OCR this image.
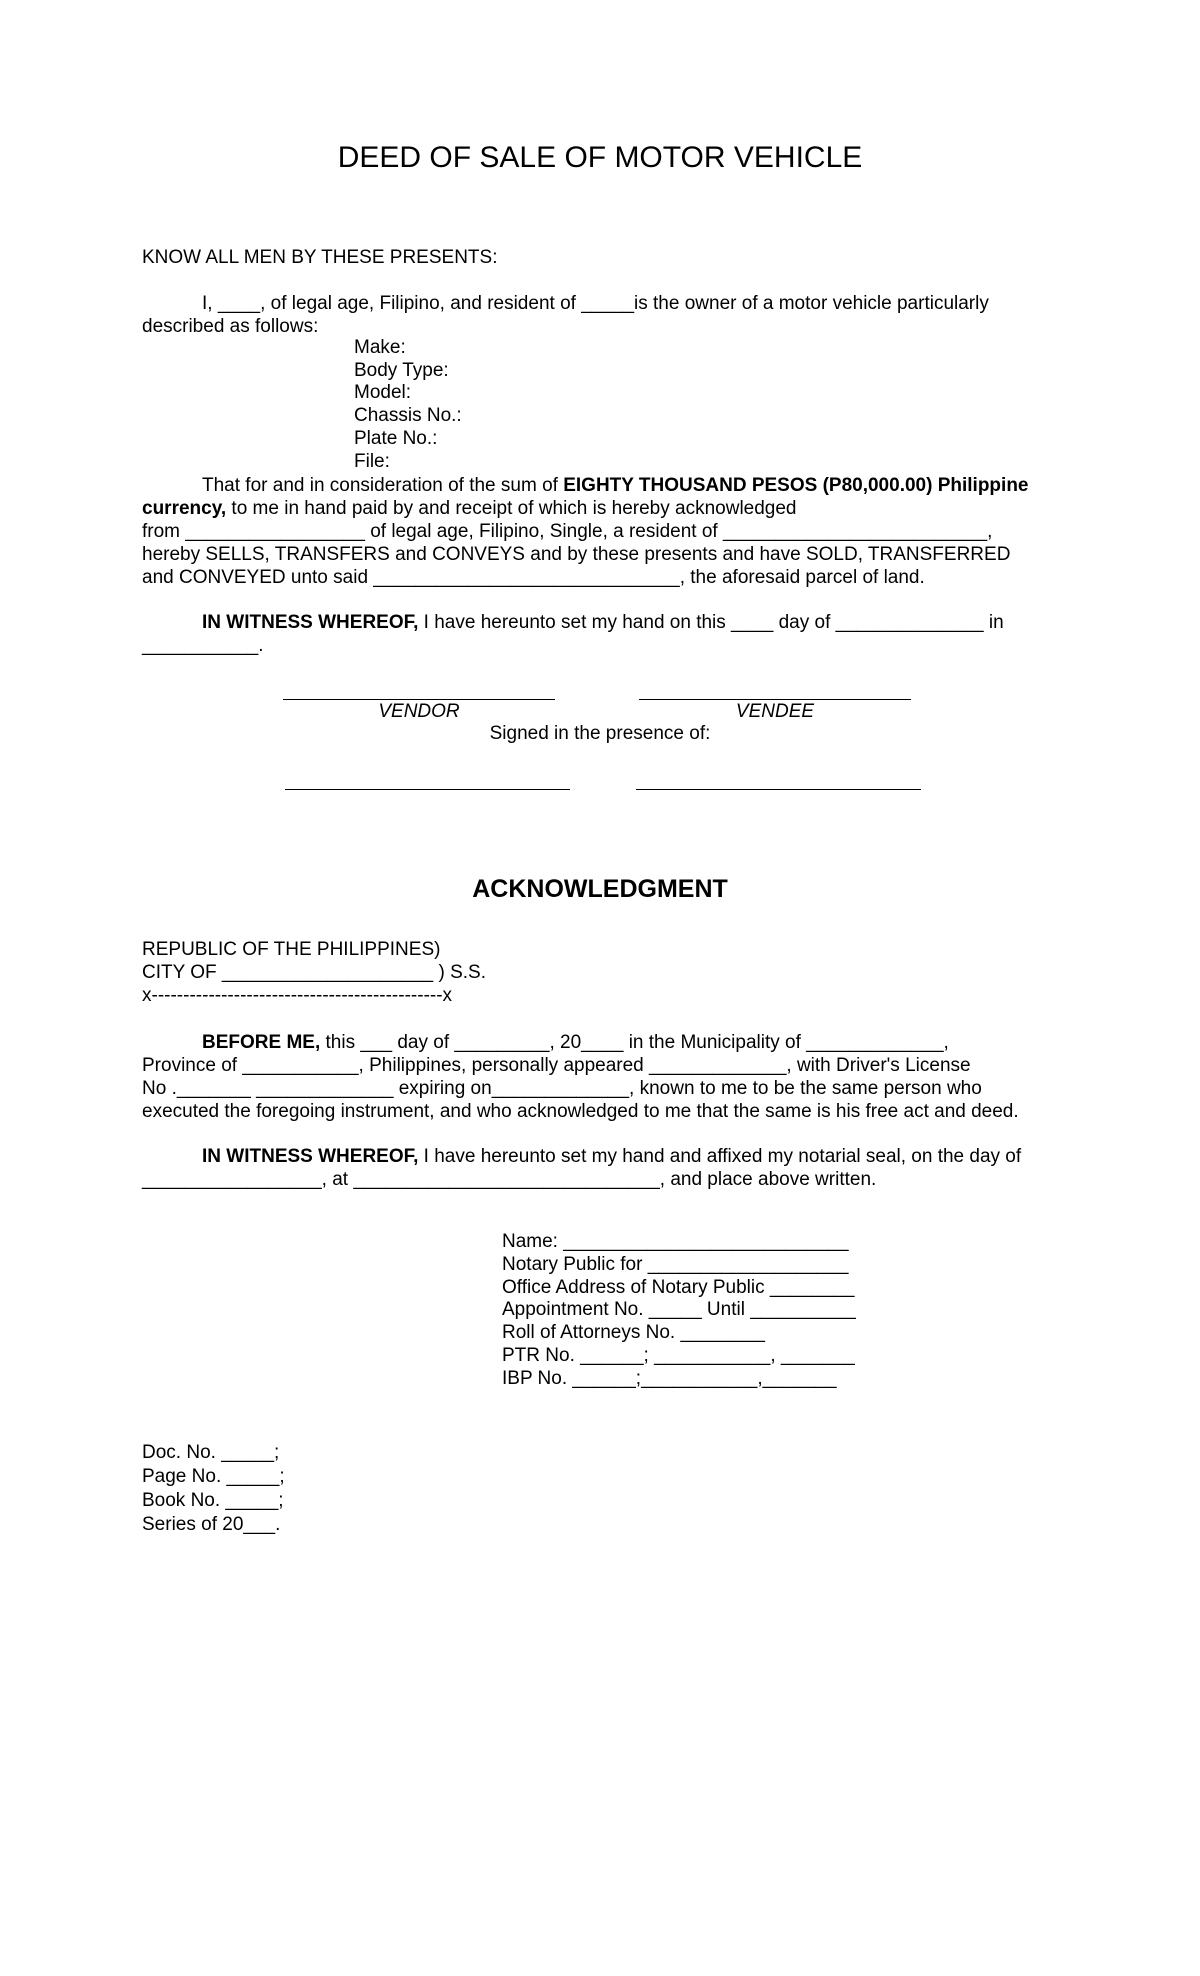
DEED OF SALE OF MOTOR VEHICLE
KNOW ALL MEN BY THESE PRESENTS:
I, ____, of legal age, Filipino, and resident of _____is the owner of a motor vehicle particularly
described as follows:
Make:
Body Type:
Model:
Chassis No.:
Plate No.:
File:
That for and in consideration of the sum of EIGHTY THOUSAND PESOS (P80,000.00) Philippine
currency, to me in hand paid by and receipt of which is hereby acknowledged
from _________________ of legal age, Filipino, Single, a resident of _________________________,
hereby SELLS, TRANSFERS and CONVEYS and by these presents and have SOLD, TRANSFERRED
and CONVEYED unto said _____________________________, the aforesaid parcel of land.
IN WITNESS WHEREOF, I have hereunto set my hand on this ____ day of ______________ in
___________.
VENDOR	VENDEE
Signed in the presence of:
ACKNOWLEDGMENT
REPUBLIC OF THE PHILIPPINES)
CITY OF ____________________ ) S.S.
x----------------------------------------------x
BEFORE ME, this ___ day of _________, 20____ in the Municipality of _____________,
Province of ___________, Philippines, personally appeared _____________, with Driver's License
No ._______ _____________ expiring on_____________, known to me to be the same person who
executed the foregoing instrument, and who acknowledged to me that the same is his free act and deed.
IN WITNESS WHEREOF, I have hereunto set my hand and affixed my notarial seal, on the day of
_________________, at _____________________________, and place above written.
Name: ___________________________
Notary Public for ___________________
Office Address of Notary Public ________
Appointment No. _____ Until __________
Roll of Attorneys No. ________
PTR No. ______; ___________, _______
IBP No. ______;___________,_______
Doc. No. _____;
Page No. _____;
Book No. _____;
Series of 20___.
